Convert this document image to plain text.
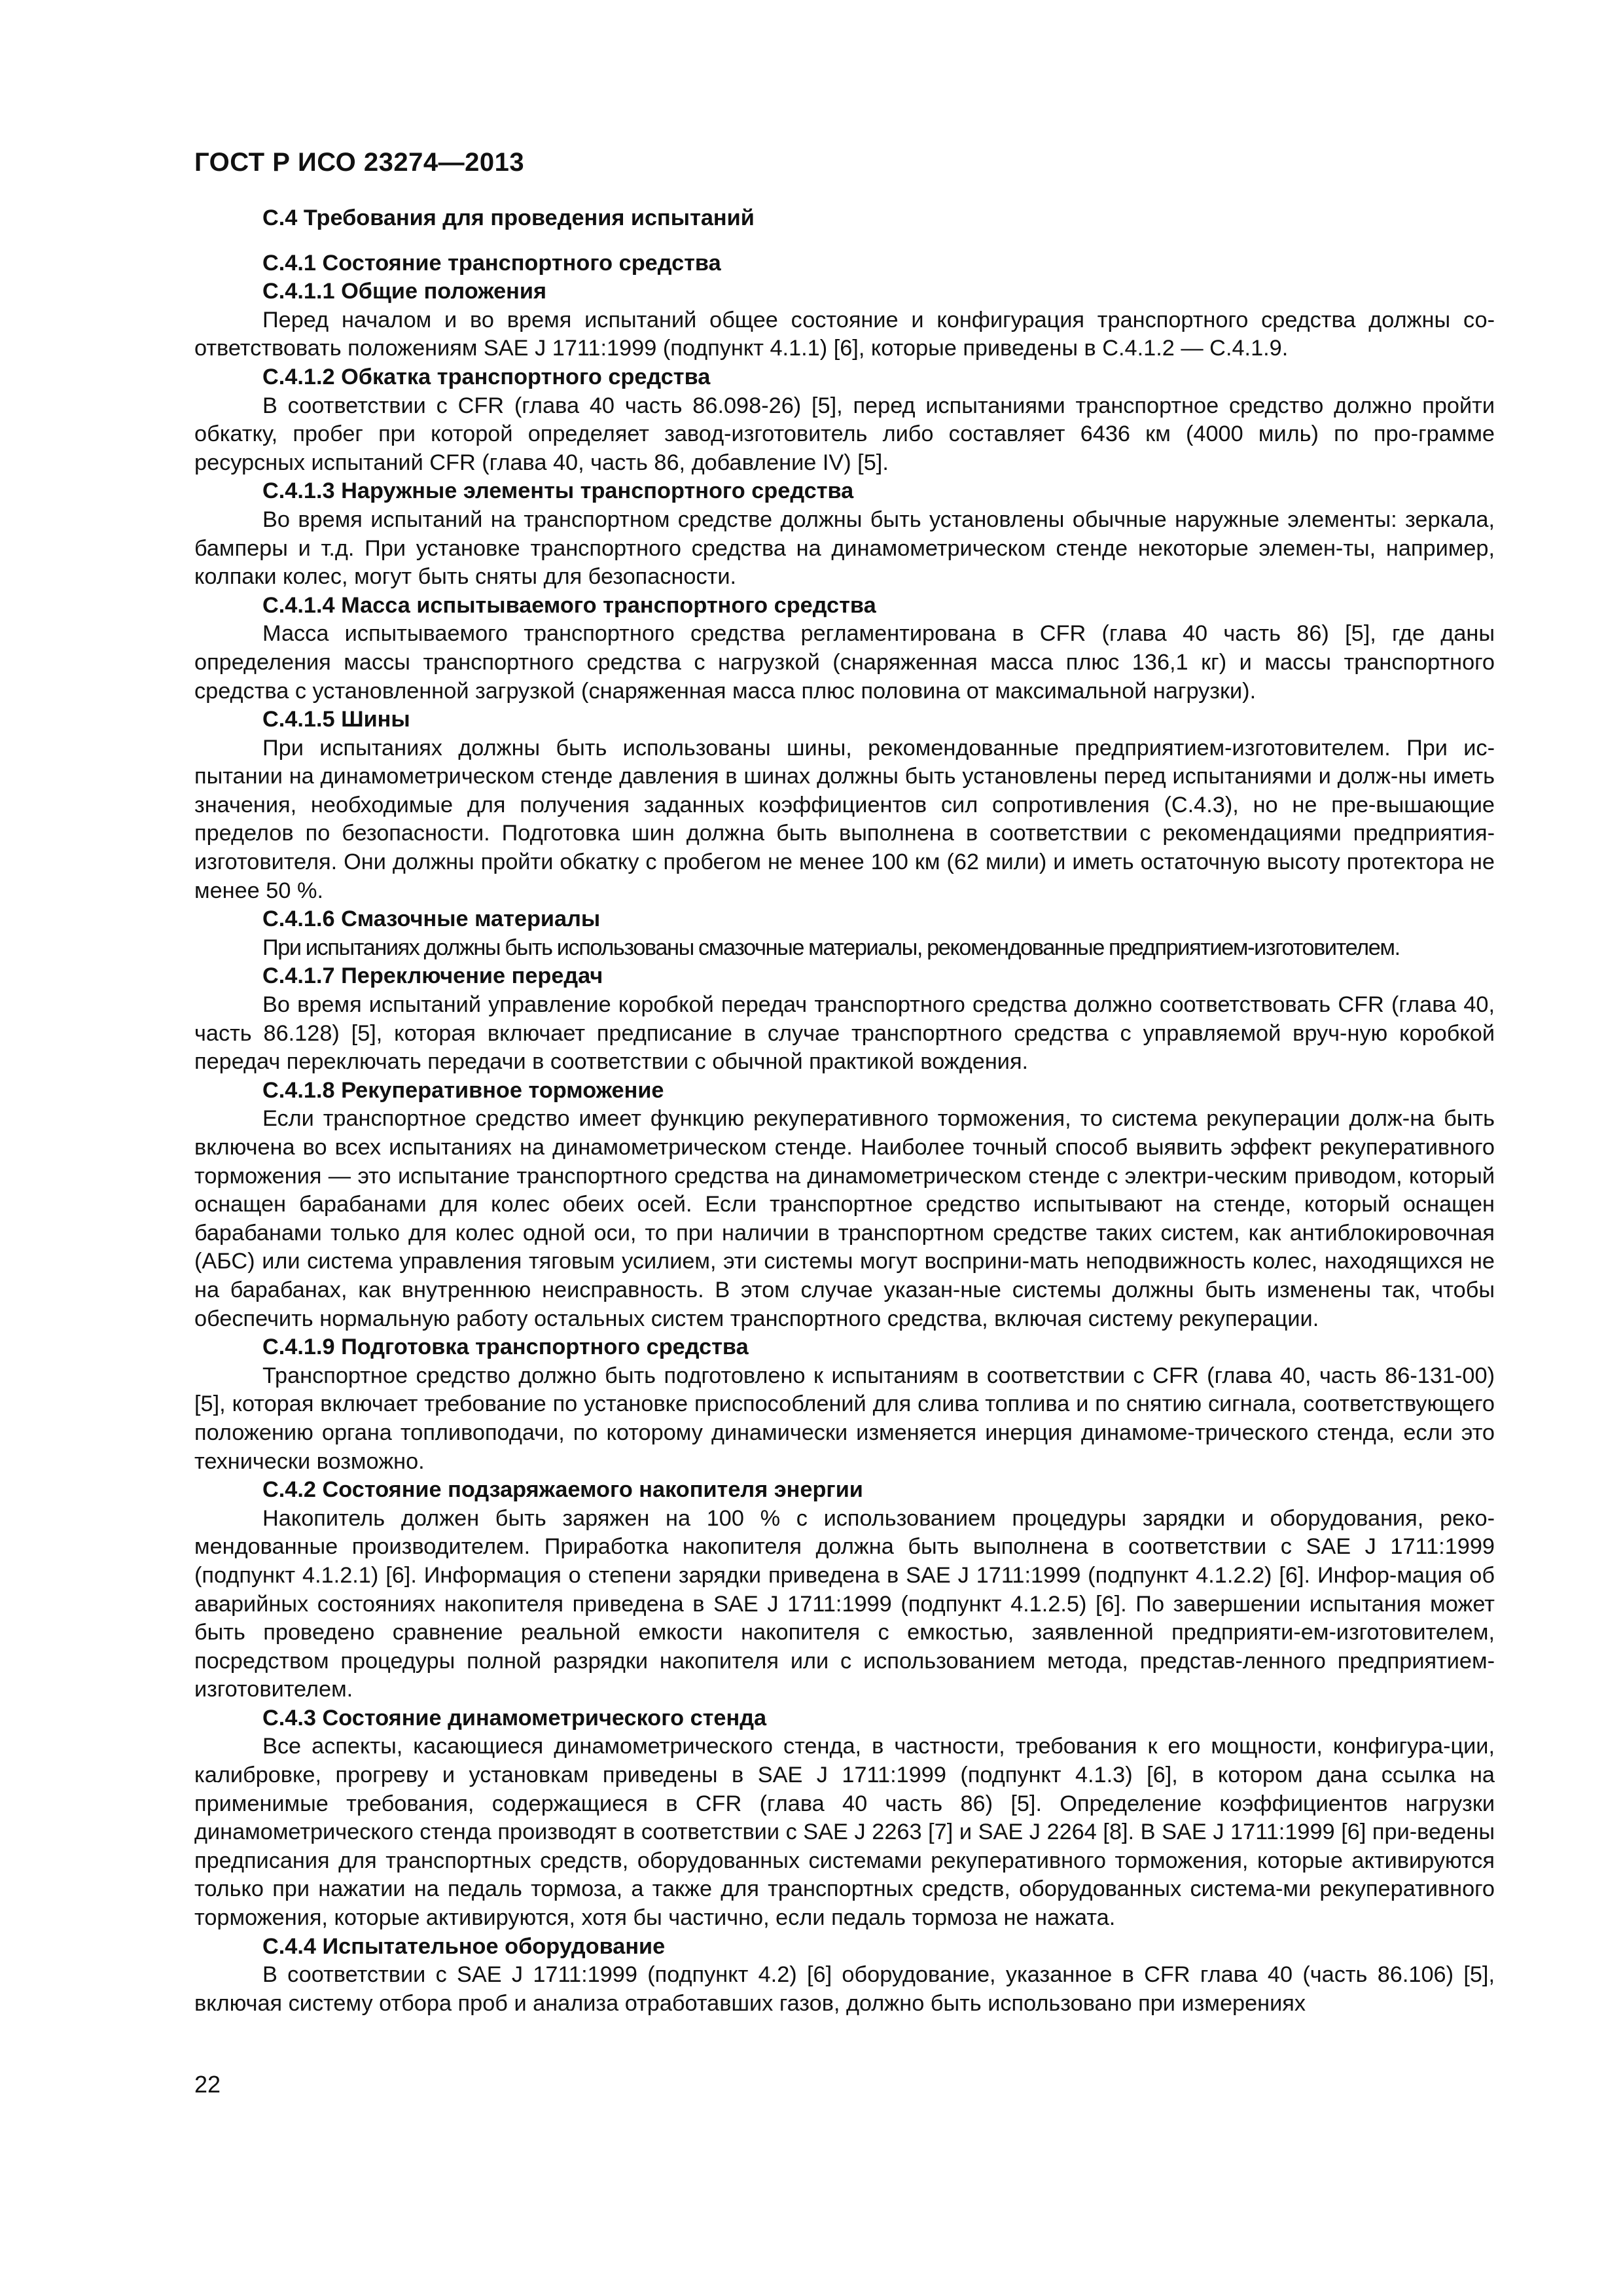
ГОСТ Р ИСО 23274—2013

С.4 Требования для проведения испытаний

С.4.1 Состояние транспортного средства

С.4.1.1 Общие положения

Перед началом и во время испытаний общее состояние и конфигурация транспортного средства должны со-ответствовать положениям SAE J 1711:1999 (подпункт 4.1.1) [6], которые приведены в С.4.1.2 — С.4.1.9.

С.4.1.2 Обкатка транспортного средства

В соответствии с CFR (глава 40 часть 86.098-26) [5], перед испытаниями транспортное средство должно пройти обкатку, пробег при которой определяет завод-изготовитель либо составляет 6436 км (4000 миль) по про-грамме ресурсных испытаний CFR (глава 40, часть 86, добавление IV) [5].

С.4.1.3 Наружные элементы транспортного средства

Во время испытаний на транспортном средстве должны быть установлены обычные наружные элементы: зеркала, бамперы и т.д. При установке транспортного средства на динамометрическом стенде некоторые элемен-ты, например, колпаки колес, могут быть сняты для безопасности.

С.4.1.4 Масса испытываемого транспортного средства

Масса испытываемого транспортного средства регламентирована в CFR (глава 40 часть 86) [5], где даны определения массы транспортного средства с нагрузкой (снаряженная масса плюс 136,1 кг) и массы транспортного средства с установленной загрузкой (снаряженная масса плюс половина от максимальной нагрузки).

С.4.1.5 Шины

При испытаниях должны быть использованы шины, рекомендованные предприятием-изготовителем. При ис-пытании на динамометрическом стенде давления в шинах должны быть установлены перед испытаниями и долж-ны иметь значения, необходимые для получения заданных коэффициентов сил сопротивления (С.4.3), но не пре-вышающие пределов по безопасности. Подготовка шин должна быть выполнена в соответствии с рекомендациями предприятия-изготовителя. Они должны пройти обкатку с пробегом не менее 100 км (62 мили) и иметь остаточную высоту протектора не менее 50 %.

С.4.1.6 Смазочные материалы

При испытаниях должны быть использованы смазочные материалы, рекомендованные предприятием-изготовителем.

С.4.1.7 Переключение передач

Во время испытаний управление коробкой передач транспортного средства должно соответствовать CFR (глава 40, часть 86.128) [5], которая включает предписание в случае транспортного средства с управляемой вруч-ную коробкой передач переключать передачи в соответствии с обычной практикой вождения.

С.4.1.8 Рекуперативное торможение

Если транспортное средство имеет функцию рекуперативного торможения, то система рекуперации долж-на быть включена во всех испытаниях на динамометрическом стенде. Наиболее точный способ выявить эффект рекуперативного торможения — это испытание транспортного средства на динамометрическом стенде с электри-ческим приводом, который оснащен барабанами для колес обеих осей. Если транспортное средство испытывают на стенде, который оснащен барабанами только для колес одной оси, то при наличии в транспортном средстве таких систем, как антиблокировочная (АБС) или система управления тяговым усилием, эти системы могут восприни-мать неподвижность колес, находящихся не на барабанах, как внутреннюю неисправность. В этом случае указан-ные системы должны быть изменены так, чтобы обеспечить нормальную работу остальных систем транспортного средства, включая систему рекуперации.

С.4.1.9 Подготовка транспортного средства

Транспортное средство должно быть подготовлено к испытаниям в соответствии с CFR (глава 40, часть 86-131-00) [5], которая включает требование по установке приспособлений для слива топлива и по снятию сигнала, соответствующего положению органа топливоподачи, по которому динамически изменяется инерция динамоме-трического стенда, если это технически возможно.

С.4.2 Состояние подзаряжаемого накопителя энергии

Накопитель должен быть заряжен на 100 % с использованием процедуры зарядки и оборудования, реко-мендованные производителем. Приработка накопителя должна быть выполнена в соответствии с SAE J 1711:1999 (подпункт 4.1.2.1) [6]. Информация о степени зарядки приведена в SAE J 1711:1999 (подпункт 4.1.2.2) [6]. Инфор-мация об аварийных состояниях накопителя приведена в SAE J 1711:1999 (подпункт 4.1.2.5) [6]. По завершении испытания может быть проведено сравнение реальной емкости накопителя с емкостью, заявленной предприяти-ем-изготовителем, посредством процедуры полной разрядки накопителя или с использованием метода, представ-ленного предприятием-изготовителем.

С.4.3 Состояние динамометрического стенда

Все аспекты, касающиеся динамометрического стенда, в частности, требования к его мощности, конфигура-ции, калибровке, прогреву и установкам приведены в SAE J 1711:1999 (подпункт 4.1.3) [6], в котором дана ссылка на применимые требования, содержащиеся в CFR (глава 40 часть 86) [5]. Определение коэффициентов нагрузки динамометрического стенда производят в соответствии с SAE J 2263 [7] и SAE J 2264 [8]. В SAE J 1711:1999 [6] при-ведены предписания для транспортных средств, оборудованных системами рекуперативного торможения, которые активируются только при нажатии на педаль тормоза, а также для транспортных средств, оборудованных система-ми рекуперативного торможения, которые активируются, хотя бы частично, если педаль тормоза не нажата.

С.4.4 Испытательное оборудование

В соответствии с SAE J 1711:1999 (подпункт 4.2) [6] оборудование, указанное в CFR глава 40 (часть 86.106) [5], включая систему отбора проб и анализа отработавших газов, должно быть использовано при измерениях

22
